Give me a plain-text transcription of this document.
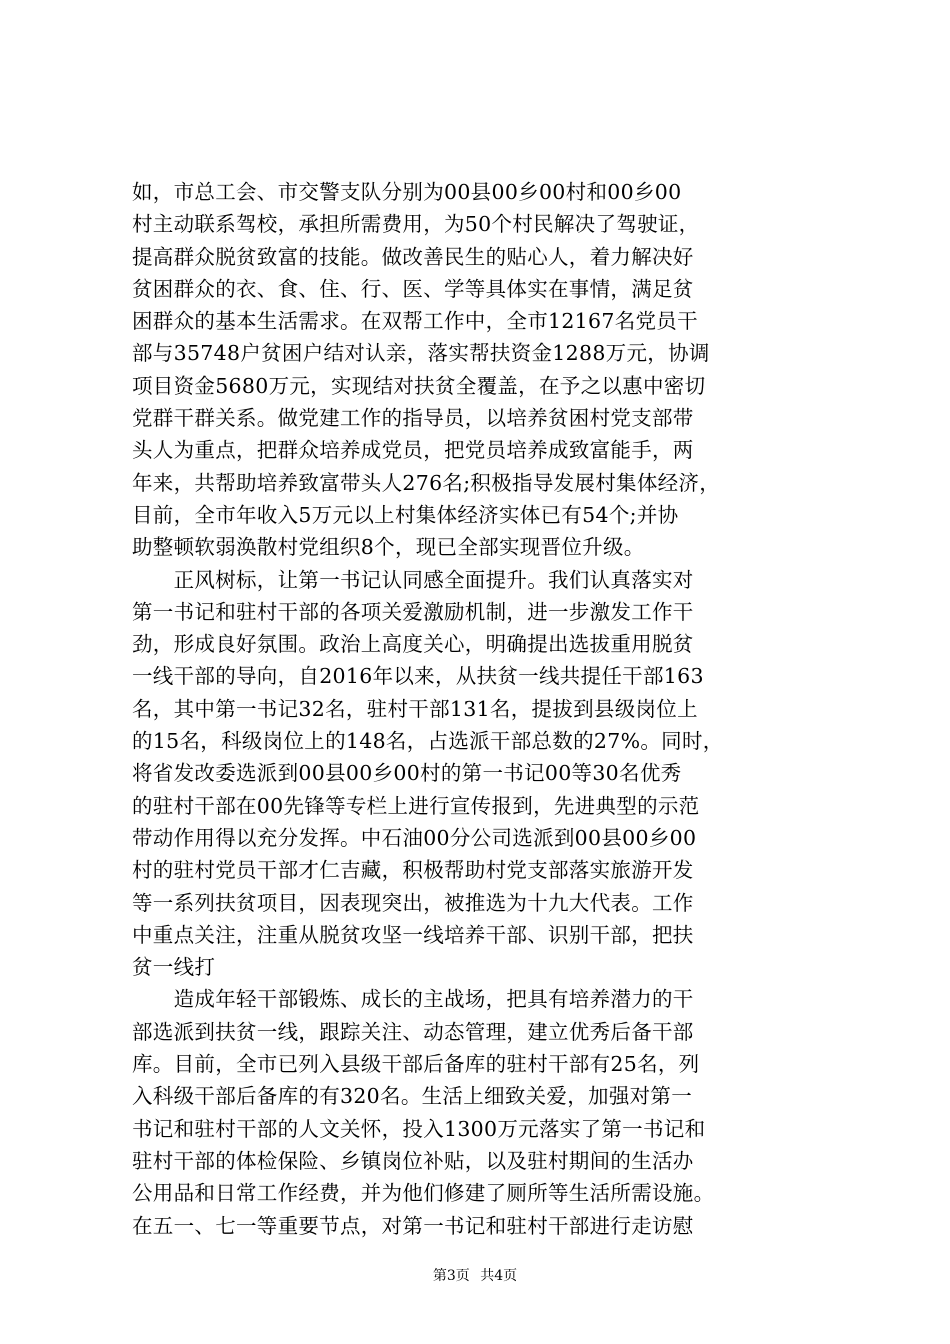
如，市总工会、市交警支队分别为00县00乡00村和00乡00
村主动联系驾校，承担所需费用，为50个村民解决了驾驶证，
提高群众脱贫致富的技能。做改善民生的贴心人，着力解决好
贫困群众的衣、食、住、行、医、学等具体实在事情，满足贫
困群众的基本生活需求。在双帮工作中，全市12167名党员干
部与35748户贫困户结对认亲，落实帮扶资金1288万元，协调
项目资金5680万元，实现结对扶贫全覆盖，在予之以惠中密切
党群干群关系。做党建工作的指导员，以培养贫困村党支部带
头人为重点，把群众培养成党员，把党员培养成致富能手，两
年来，共帮助培养致富带头人276名;积极指导发展村集体经济，
目前，全市年收入5万元以上村集体经济实体已有54个;并协
助整顿软弱涣散村党组织8个，现已全部实现晋位升级。
　　正风树标，让第一书记认同感全面提升。我们认真落实对
第一书记和驻村干部的各项关爱激励机制，进一步激发工作干
劲，形成良好氛围。政治上高度关心，明确提出选拔重用脱贫
一线干部的导向，自2016年以来，从扶贫一线共提任干部163
名，其中第一书记32名，驻村干部131名，提拔到县级岗位上
的15名，科级岗位上的148名，占选派干部总数的27%。同时，
将省发改委选派到00县00乡00村的第一书记00等30名优秀
的驻村干部在00先锋等专栏上进行宣传报到，先进典型的示范
带动作用得以充分发挥。中石油00分公司选派到00县00乡00
村的驻村党员干部才仁吉藏，积极帮助村党支部落实旅游开发
等一系列扶贫项目，因表现突出，被推选为十九大代表。工作
中重点关注，注重从脱贫攻坚一线培养干部、识别干部，把扶
贫一线打
　　造成年轻干部锻炼、成长的主战场，把具有培养潜力的干
部选派到扶贫一线，跟踪关注、动态管理，建立优秀后备干部
库。目前，全市已列入县级干部后备库的驻村干部有25名，列
入科级干部后备库的有320名。生活上细致关爱，加强对第一
书记和驻村干部的人文关怀，投入1300万元落实了第一书记和
驻村干部的体检保险、乡镇岗位补贴，以及驻村期间的生活办
公用品和日常工作经费，并为他们修建了厕所等生活所需设施。
在五一、七一等重要节点，对第一书记和驻村干部进行走访慰
第3页 共4页
